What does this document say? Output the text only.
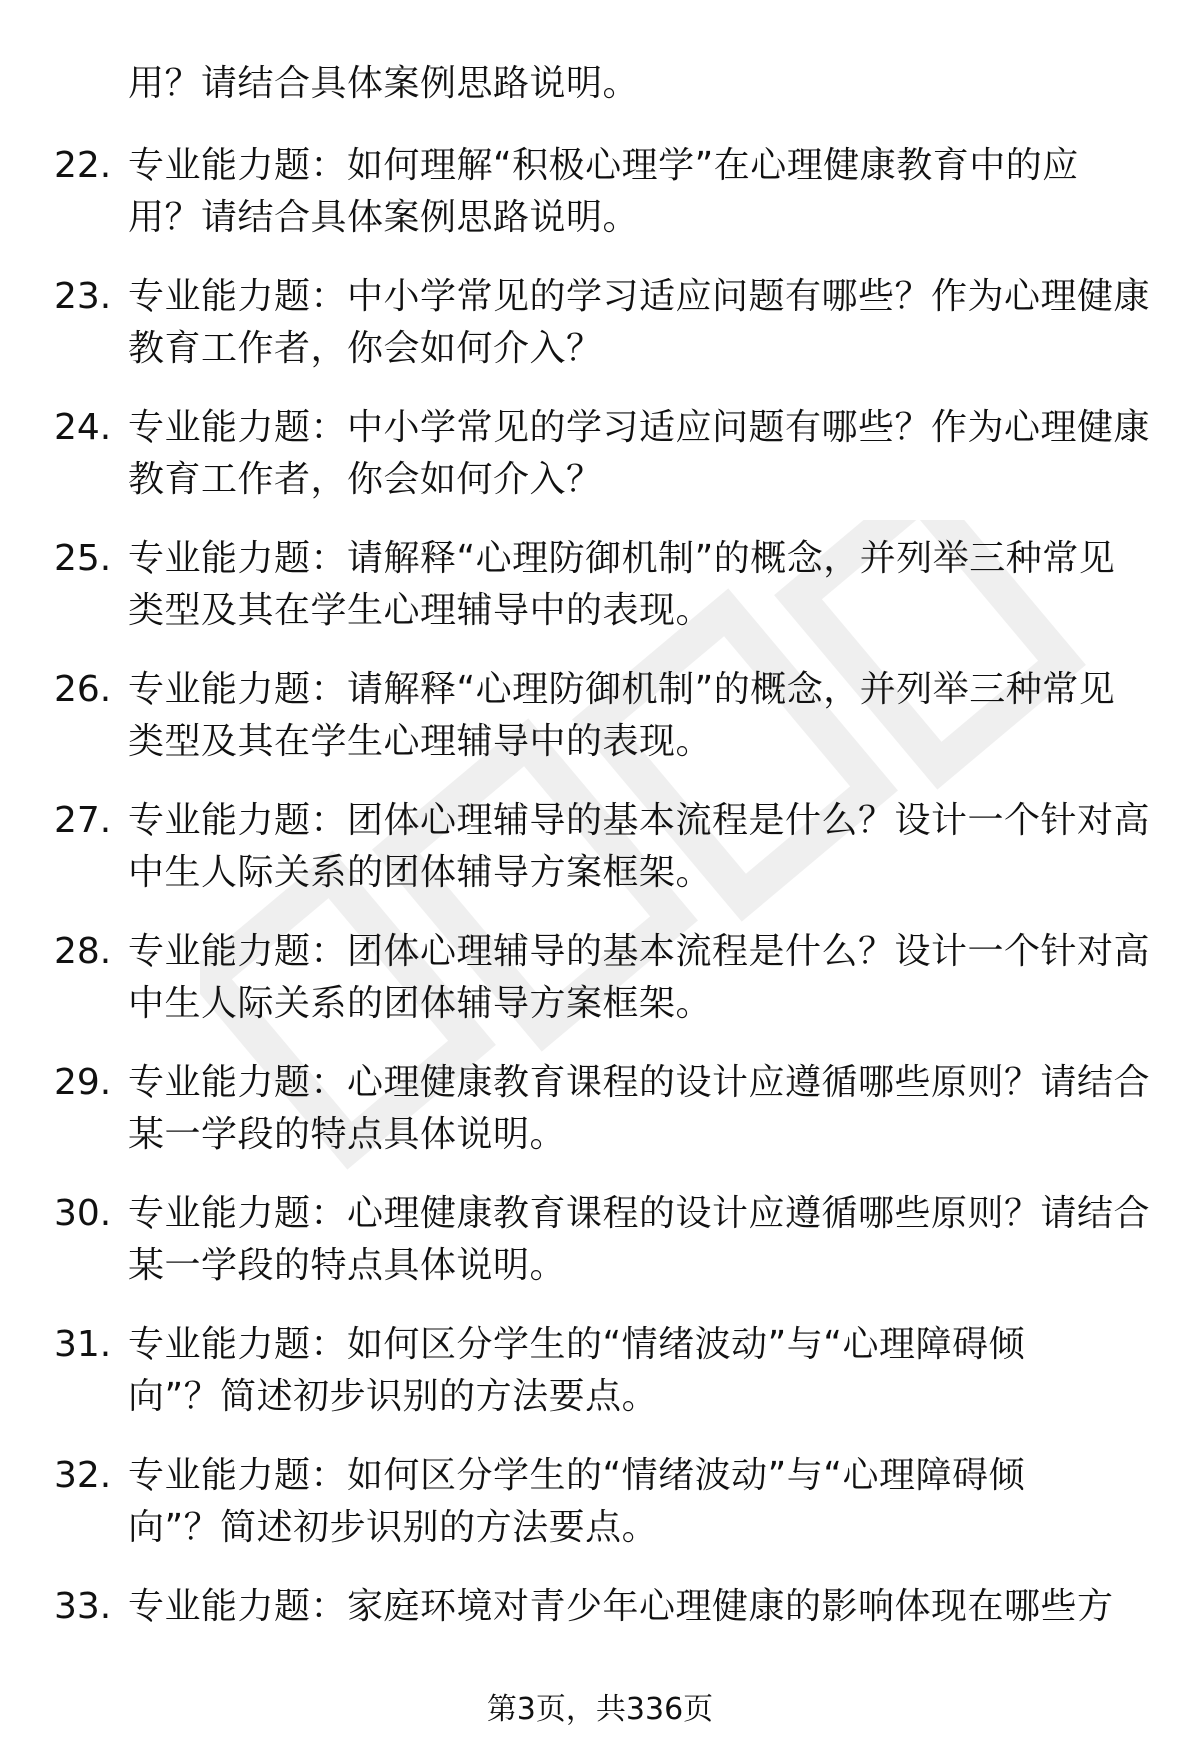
用？请结合具体案例思路说明。
22. 专业能力题：如何理解“积极心理学”在心理健康教育中的应
用？请结合具体案例思路说明。
23. 专业能力题：中小学常见的学习适应问题有哪些？作为心理健康
教育工作者，你会如何介入？
24. 专业能力题：中小学常见的学习适应问题有哪些？作为心理健康
教育工作者，你会如何介入？
25. 专业能力题：请解释“心理防御机制”的概念，并列举三种常见
类型及其在学生心理辅导中的表现。
26. 专业能力题：请解释“心理防御机制”的概念，并列举三种常见
类型及其在学生心理辅导中的表现。
27. 专业能力题：团体心理辅导的基本流程是什么？设计一个针对高
中生人际关系的团体辅导方案框架。
28. 专业能力题：团体心理辅导的基本流程是什么？设计一个针对高
中生人际关系的团体辅导方案框架。
29. 专业能力题：心理健康教育课程的设计应遵循哪些原则？请结合
某一学段的特点具体说明。
30. 专业能力题：心理健康教育课程的设计应遵循哪些原则？请结合
某一学段的特点具体说明。
31. 专业能力题：如何区分学生的“情绪波动”与“心理障碍倾
向”？简述初步识别的方法要点。
32. 专业能力题：如何区分学生的“情绪波动”与“心理障碍倾
向”？简述初步识别的方法要点。
33. 专业能力题：家庭环境对青少年心理健康的影响体现在哪些方
第3页，共336页
